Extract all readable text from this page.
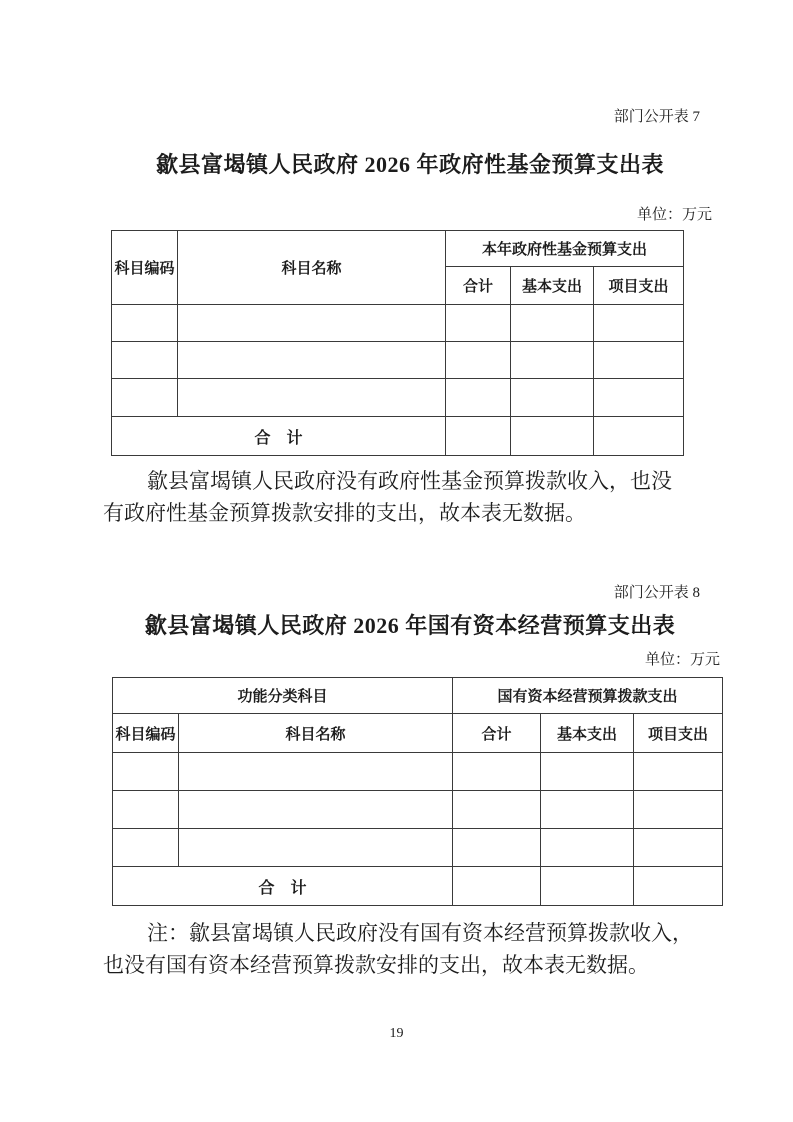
部门公开表 7
歙县富堨镇人民政府 2026 年政府性基金预算支出表
单位：万元
科目编码	科目名称	本年政府性基金预算支出		
		合计	基本支出	项目支出

合　计				

歙县富堨镇人民政府没有政府性基金预算拨款收入，也没
有政府性基金预算拨款安排的支出，故本表无数据。

部门公开表 8
歙县富堨镇人民政府 2026 年国有资本经营预算支出表
单位：万元
功能分类科目		国有资本经营预算拨款支出		
科目编码	科目名称	合计	基本支出	项目支出

合　计				

注：歙县富堨镇人民政府没有国有资本经营预算拨款收入，
也没有国有资本经营预算拨款安排的支出，故本表无数据。

19
